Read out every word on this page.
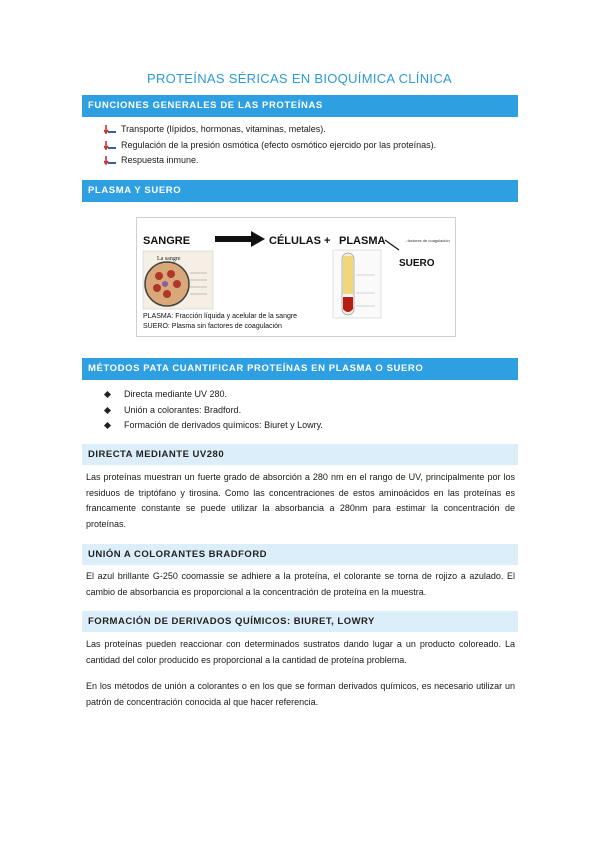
PROTEÍNAS SÉRICAS EN BIOQUÍMICA CLÍNICA
FUNCIONES GENERALES DE LAS PROTEÍNAS
Transporte (lípidos, hormonas, vitaminas, metales).
Regulación de la presión osmótica (efecto osmótico ejercido por las proteínas).
Respuesta inmune.
PLASMA Y SUERO
SANGRE	CÉLULAS + PLASMA	- factores de coagulación
SUERO
La sangre
PLASMA: Fracción líquida y acelular de la sangre
SUERO: Plasma sin factores de coagulación
MÉTODOS PATA CUANTIFICAR PROTEÍNAS EN PLASMA O SUERO
Directa mediante UV 280.
Unión a colorantes: Bradford.
Formación de derivados químicos: Biuret y Lowry.
DIRECTA MEDIANTE UV280

Las proteínas muestran un fuerte grado de absorción a 280 nm en el rango de UV, principalmente por los residuos de triptófano y tirosina. Como las concentraciones de estos aminoácidos en las proteínas es francamente constante se puede utilizar la absorbancia a 280nm para estimar la concentración de proteínas.

UNIÓN A COLORANTES BRADFORD

El azul brillante G-250 coomassie se adhiere a la proteína, el colorante se torna de rojizo a azulado. El cambio de absorbancia es proporcional a la concentración de proteína en la muestra.

FORMACIÓN DE DERIVADOS QUÍMICOS: BIURET, LOWRY

Las proteínas pueden reaccionar con determinados sustratos dando lugar a un producto coloreado. La cantidad del color producido es proporcional a la cantidad de proteína problema.

En los métodos de unión a colorantes o en los que se forman derivados químicos, es necesario utilizar un patrón de concentración conocida al que hacer referencia.
